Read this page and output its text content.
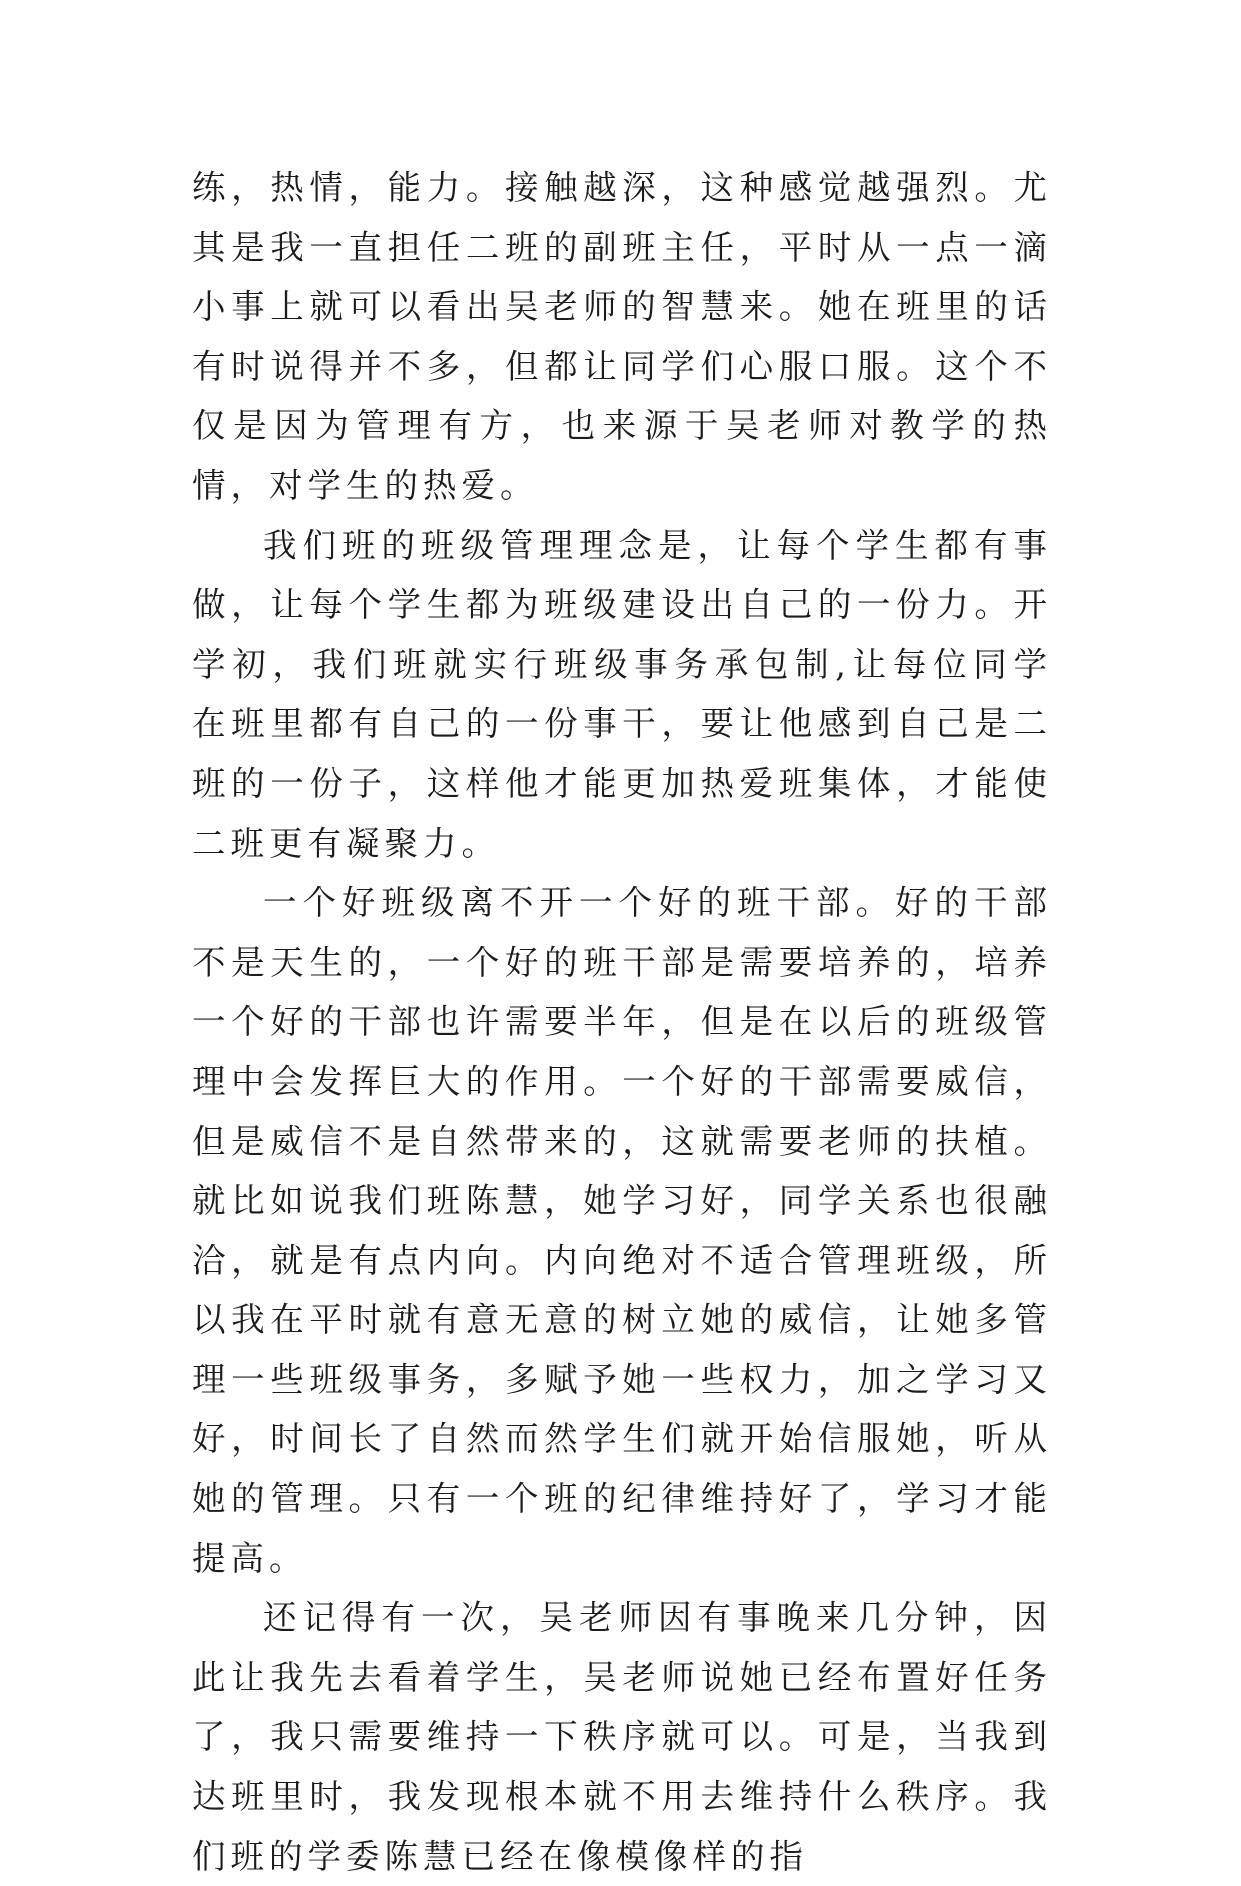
练，热情，能力。接触越深，这种感觉越强烈。尤其是我一直担任二班的副班主任，平时从一点一滴小事上就可以看出吴老师的智慧来。她在班里的话有时说得并不多，但都让同学们心服口服。这个不仅是因为管理有方，也来源于吴老师对教学的热情，对学生的热爱。

我们班的班级管理理念是，让每个学生都有事做，让每个学生都为班级建设出自己的一份力。开学初，我们班就实行班级事务承包制,让每位同学在班里都有自己的一份事干，要让他感到自己是二班的一份子，这样他才能更加热爱班集体，才能使二班更有凝聚力。

一个好班级离不开一个好的班干部。好的干部不是天生的，一个好的班干部是需要培养的，培养一个好的干部也许需要半年，但是在以后的班级管理中会发挥巨大的作用。一个好的干部需要威信，但是威信不是自然带来的，这就需要老师的扶植。就比如说我们班陈慧，她学习好，同学关系也很融洽，就是有点内向。内向绝对不适合管理班级，所以我在平时就有意无意的树立她的威信，让她多管理一些班级事务，多赋予她一些权力，加之学习又好，时间长了自然而然学生们就开始信服她，听从她的管理。只有一个班的纪律维持好了，学习才能提高。

还记得有一次，吴老师因有事晚来几分钟，因此让我先去看着学生，吴老师说她已经布置好任务了，我只需要维持一下秩序就可以。可是，当我到达班里时，我发现根本就不用去维持什么秩序。我们班的学委陈慧已经在像模像样的指
